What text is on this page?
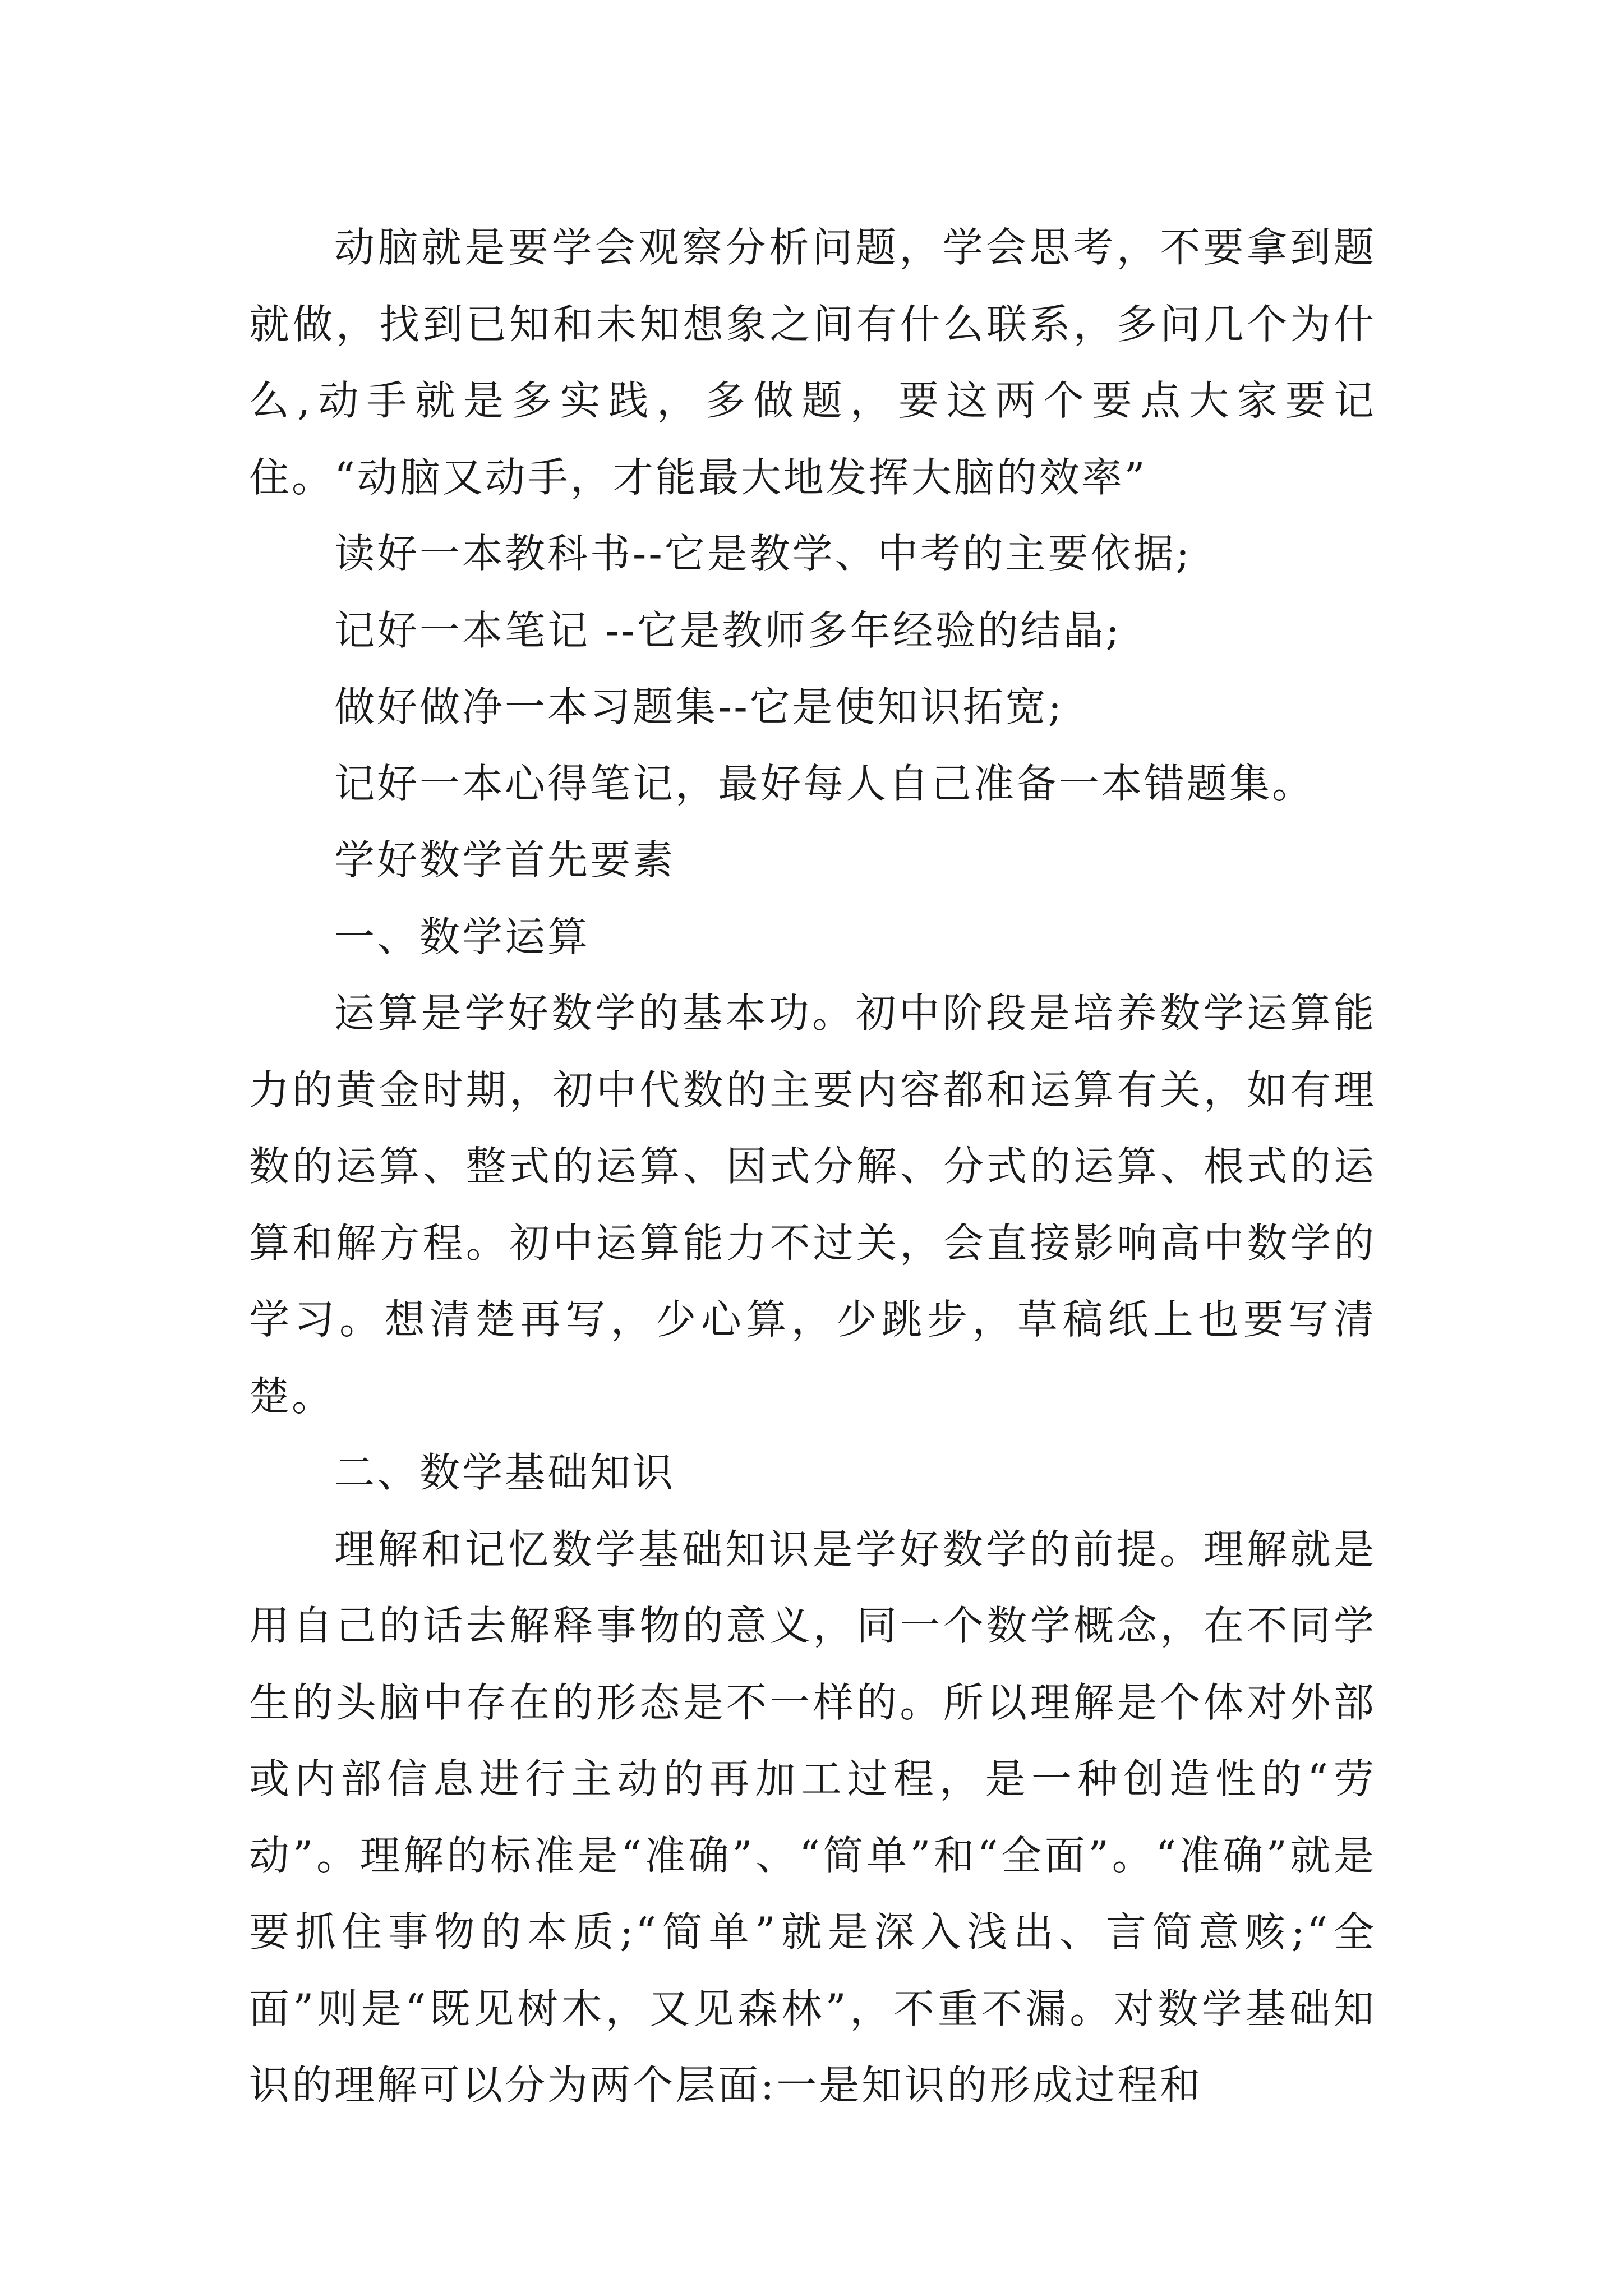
动脑就是要学会观察分析问题，学会思考，不要拿到题就做，找到已知和未知想象之间有什么联系，多问几个为什么,动手就是多实践，多做题，要这两个要点大家要记住。“动脑又动手，才能最大地发挥大脑的效率”

读好一本教科书--它是教学、中考的主要依据;

记好一本笔记 --它是教师多年经验的结晶;

做好做净一本习题集--它是使知识拓宽;

记好一本心得笔记，最好每人自己准备一本错题集。

学好数学首先要素

一、数学运算

运算是学好数学的基本功。初中阶段是培养数学运算能力的黄金时期，初中代数的主要内容都和运算有关，如有理数的运算、整式的运算、因式分解、分式的运算、根式的运算和解方程。初中运算能力不过关，会直接影响高中数学的学习。想清楚再写，少心算，少跳步，草稿纸上也要写清楚。

二、数学基础知识

理解和记忆数学基础知识是学好数学的前提。理解就是用自己的话去解释事物的意义，同一个数学概念，在不同学生的头脑中存在的形态是不一样的。所以理解是个体对外部或内部信息进行主动的再加工过程，是一种创造性的“劳动”。理解的标准是“准确”、“简单”和“全面”。“准确”就是要抓住事物的本质;“简单”就是深入浅出、言简意赅;“全面”则是“既见树木，又见森林”，不重不漏。对数学基础知识的理解可以分为两个层面:一是知识的形成过程和
